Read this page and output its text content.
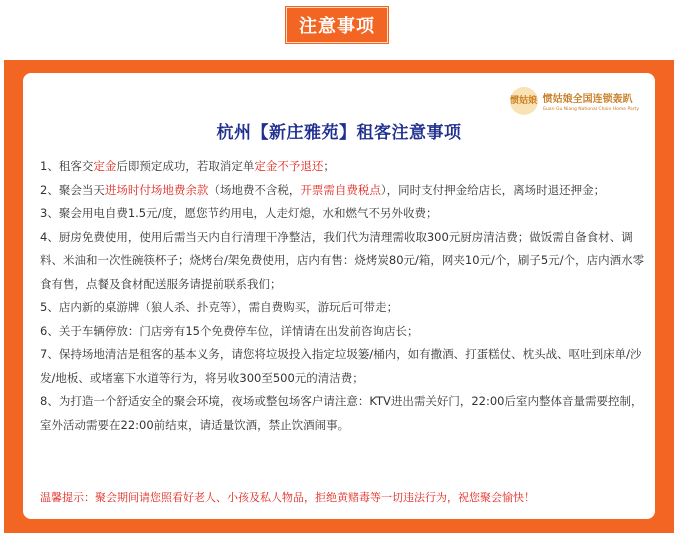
注意事项
惯姑娘 惯姑娘全国连锁轰趴
Guan Gu Niang National Chain Home Party
杭州【新庄雅苑】租客注意事项

1、租客交定金后即预定成功，若取消定单定金不予退还；

2、聚会当天进场时付场地费余款（场地费不含税，开票需自费税点），同时支付押金给店长，离场时退还押金；

3、聚会用电自费1.5元/度，愿您节约用电，人走灯熄，水和燃气不另外收费；

4、厨房免费使用，使用后需当天内自行清理干净整洁，我们代为清理需收取300元厨房清洁费；做饭需自备食材、调料、米油和一次性碗筷杯子；烧烤台/架免费使用，店内有售：烧烤炭80元/箱，网夹10元/个，刷子5元/个，店内酒水零食有售，点餐及食材配送服务请提前联系我们；

5、店内新的桌游牌（狼人杀、扑克等），需自费购买，游玩后可带走；

6、关于车辆停放：门店旁有15个免费停车位，详情请在出发前咨询店长；

7、保持场地清洁是租客的基本义务，请您将垃圾投入指定垃圾篓/桶内，如有撒酒、打蛋糕仗、枕头战、呕吐到床单/沙发/地板、或堵塞下水道等行为，将另收300至500元的清洁费；

8、为打造一个舒适安全的聚会环境，夜场或整包场客户请注意：KTV进出需关好门，22:00后室内整体音量需要控制，室外活动需要在22:00前结束，请适量饮酒，禁止饮酒闹事。

温馨提示：聚会期间请您照看好老人、小孩及私人物品，拒绝黄赌毒等一切违法行为，祝您聚会愉快！
